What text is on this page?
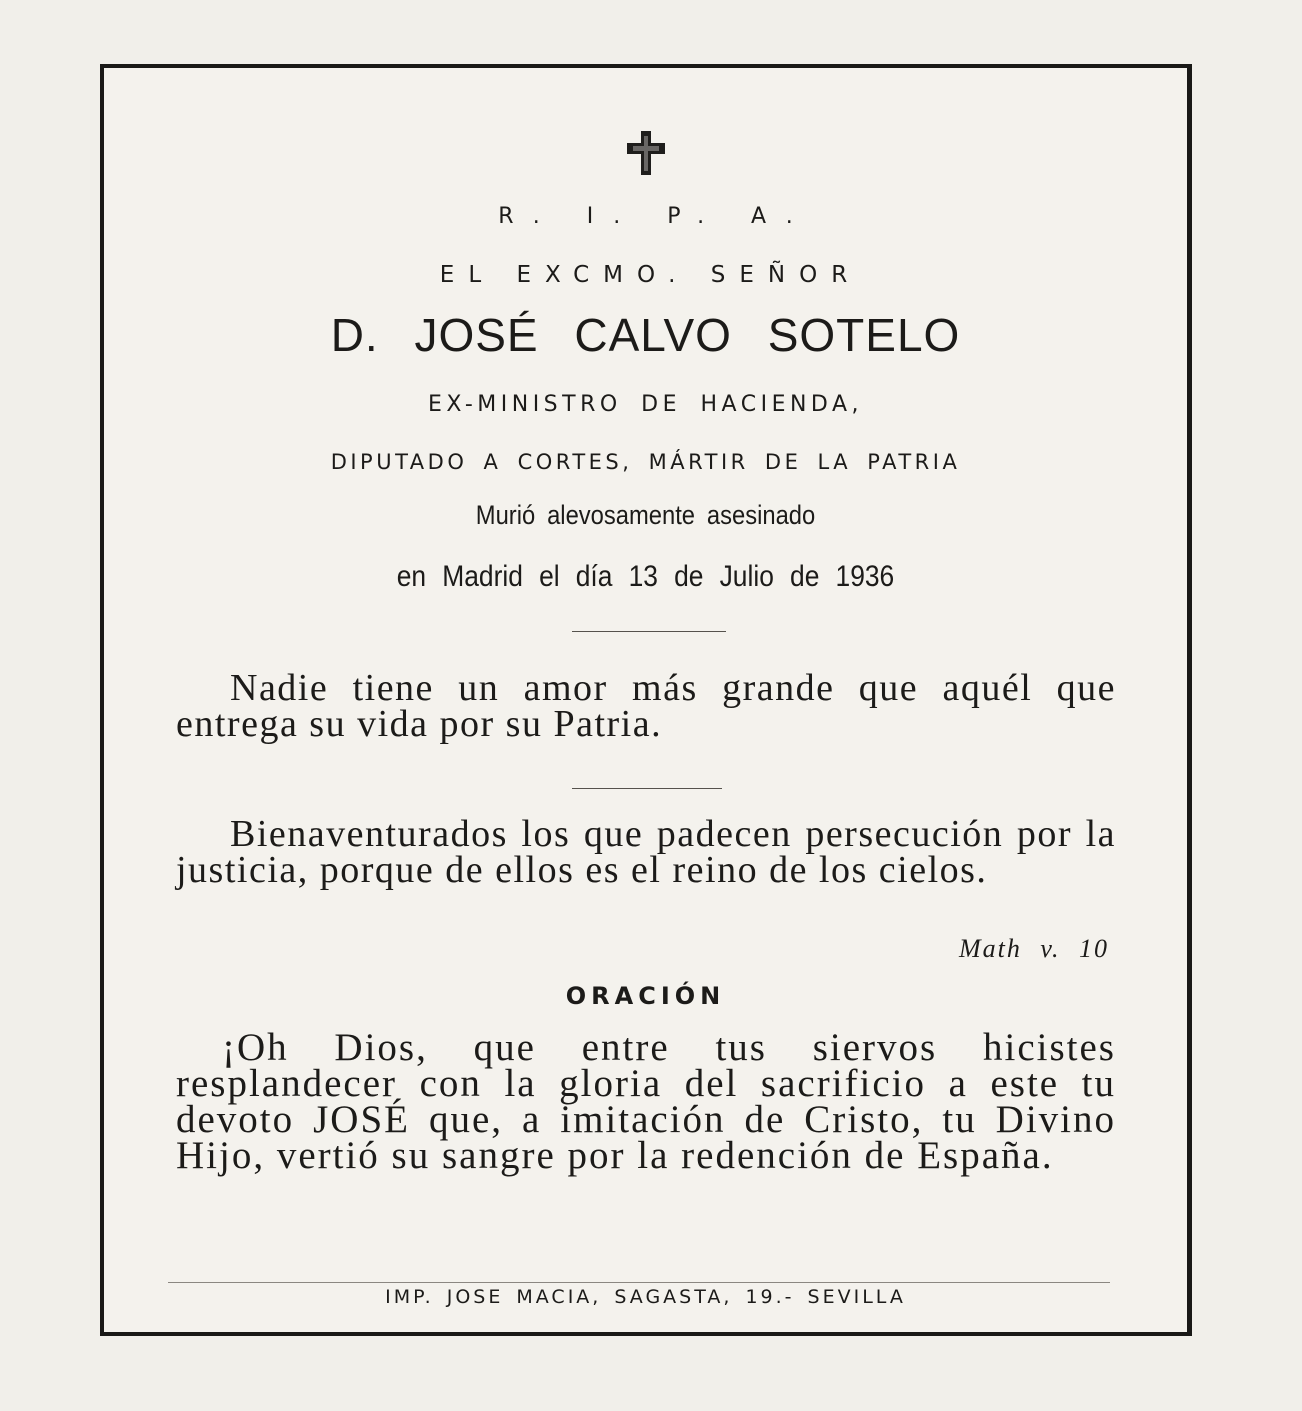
R. I. P. A.
EL EXCMO. SEÑOR
D. JOSÉ CALVO SOTELO
EX-MINISTRO DE HACIENDA,
DIPUTADO A CORTES, MÁRTIR DE LA PATRIA
Murió alevosamente asesinado
en Madrid el día 13 de Julio de 1936
Nadie tiene un amor más grande que aquél que entrega su vida por su Patria.
Bienaventurados los que padecen persecución por la justicia, porque de ellos es el reino de los cielos.
Math v. 10
ORACIÓN
¡Oh Dios, que entre tus siervos hicistes resplandecer con la gloria del sacrificio a este tu devoto JOSÉ que, a imitación de Cristo, tu Divino Hijo, vertió su sangre por la redención de España.
IMP. JOSE MACIA, SAGASTA, 19.- SEVILLA
